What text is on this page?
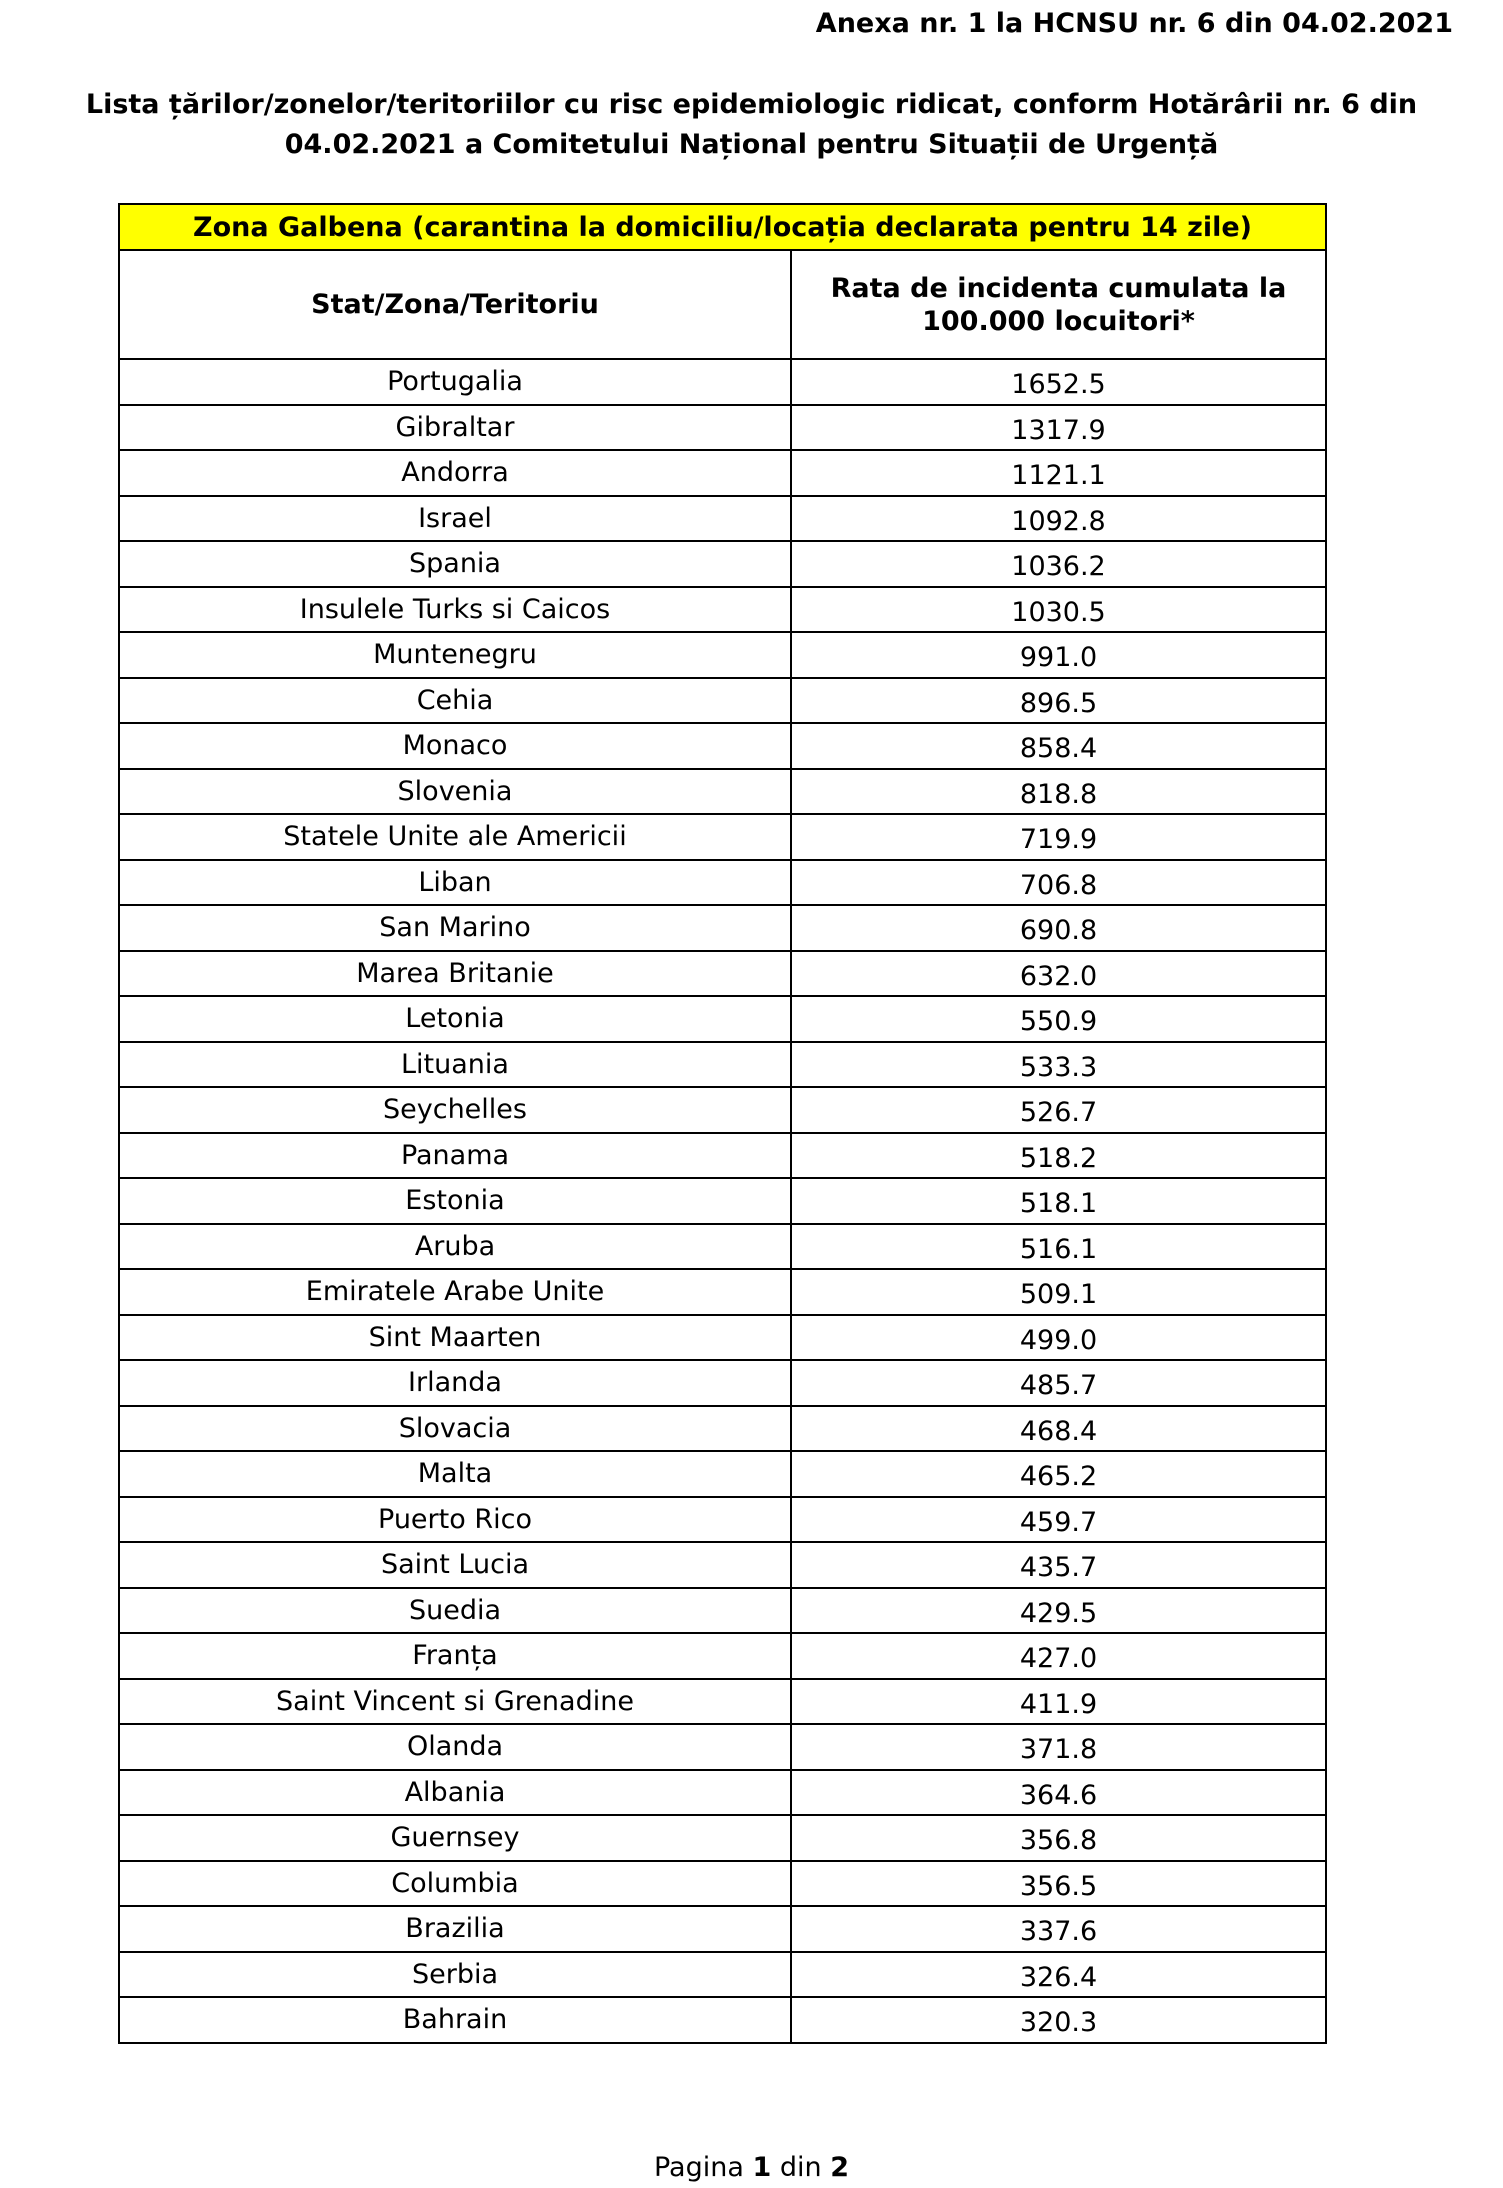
Anexa nr. 1 la HCNSU nr. 6 din 04.02.2021
Lista țărilor/zonelor/teritoriilor cu risc epidemiologic ridicat, conform Hotărârii nr. 6 din
04.02.2021 a Comitetului Național pentru Situații de Urgență
Zona Galbena (carantina la domiciliu/locația declarata pentru 14 zile)	
Stat/Zona/Teritoriu	Rata de incidenta cumulata la 100.000 locuitori*
Portugalia	1652.5
Gibraltar	1317.9
Andorra	1121.1
Israel	1092.8
Spania	1036.2
Insulele Turks si Caicos	1030.5
Muntenegru	991.0
Cehia	896.5
Monaco	858.4
Slovenia	818.8
Statele Unite ale Americii	719.9
Liban	706.8
San Marino	690.8
Marea Britanie	632.0
Letonia	550.9
Lituania	533.3
Seychelles	526.7
Panama	518.2
Estonia	518.1
Aruba	516.1
Emiratele Arabe Unite	509.1
Sint Maarten	499.0
Irlanda	485.7
Slovacia	468.4
Malta	465.2
Puerto Rico	459.7
Saint Lucia	435.7
Suedia	429.5
Franța	427.0
Saint Vincent si Grenadine	411.9
Olanda	371.8
Albania	364.6
Guernsey	356.8
Columbia	356.5
Brazilia	337.6
Serbia	326.4
Bahrain	320.3
Pagina 1 din 2
